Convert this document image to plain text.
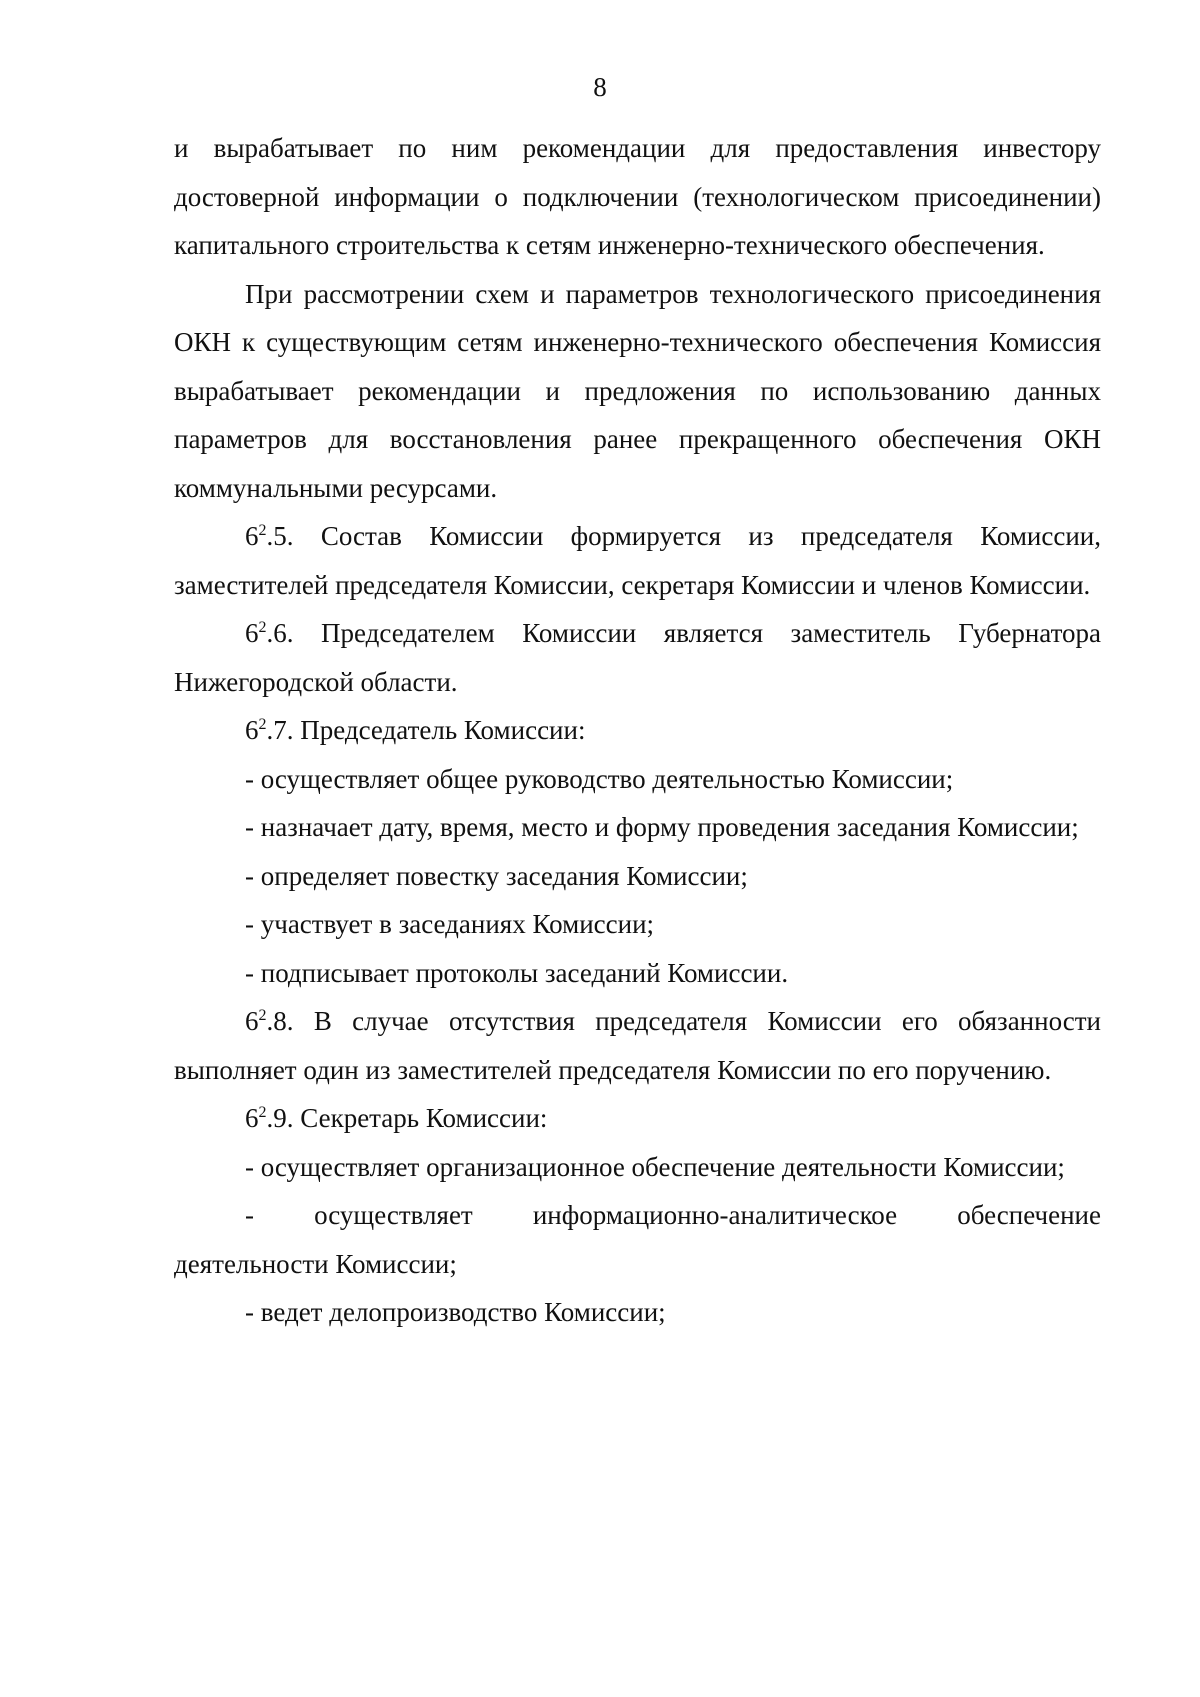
8

и вырабатывает по ним рекомендации для предоставления инвестору достоверной информации о подключении (технологическом присоединении) капитального строительства к сетям инженерно-технического обеспечения.

При рассмотрении схем и параметров технологического присоединения ОКН к существующим сетям инженерно-технического обеспечения Комиссия вырабатывает рекомендации и предложения по использованию данных параметров для восстановления ранее прекращенного обеспечения ОКН коммунальными ресурсами.

$6^2.5$. Состав Комиссии формируется из председателя Комиссии, заместителей председателя Комиссии, секретаря Комиссии и членов Комиссии.

$6^2.6$. Председателем Комиссии является заместитель Губернатора Нижегородской области.

$6^2.7$. Председатель Комиссии:

- осуществляет общее руководство деятельностью Комиссии;

- назначает дату, время, место и форму проведения заседания Комиссии;

- определяет повестку заседания Комиссии;

- участвует в заседаниях Комиссии;

- подписывает протоколы заседаний Комиссии.

$6^2.8$. В случае отсутствия председателя Комиссии его обязанности выполняет один из заместителей председателя Комиссии по его поручению.

$6^2.9$. Секретарь Комиссии:

- осуществляет организационное обеспечение деятельности Комиссии;

- осуществляет информационно-аналитическое обеспечение деятельности Комиссии;

- ведет делопроизводство Комиссии;
